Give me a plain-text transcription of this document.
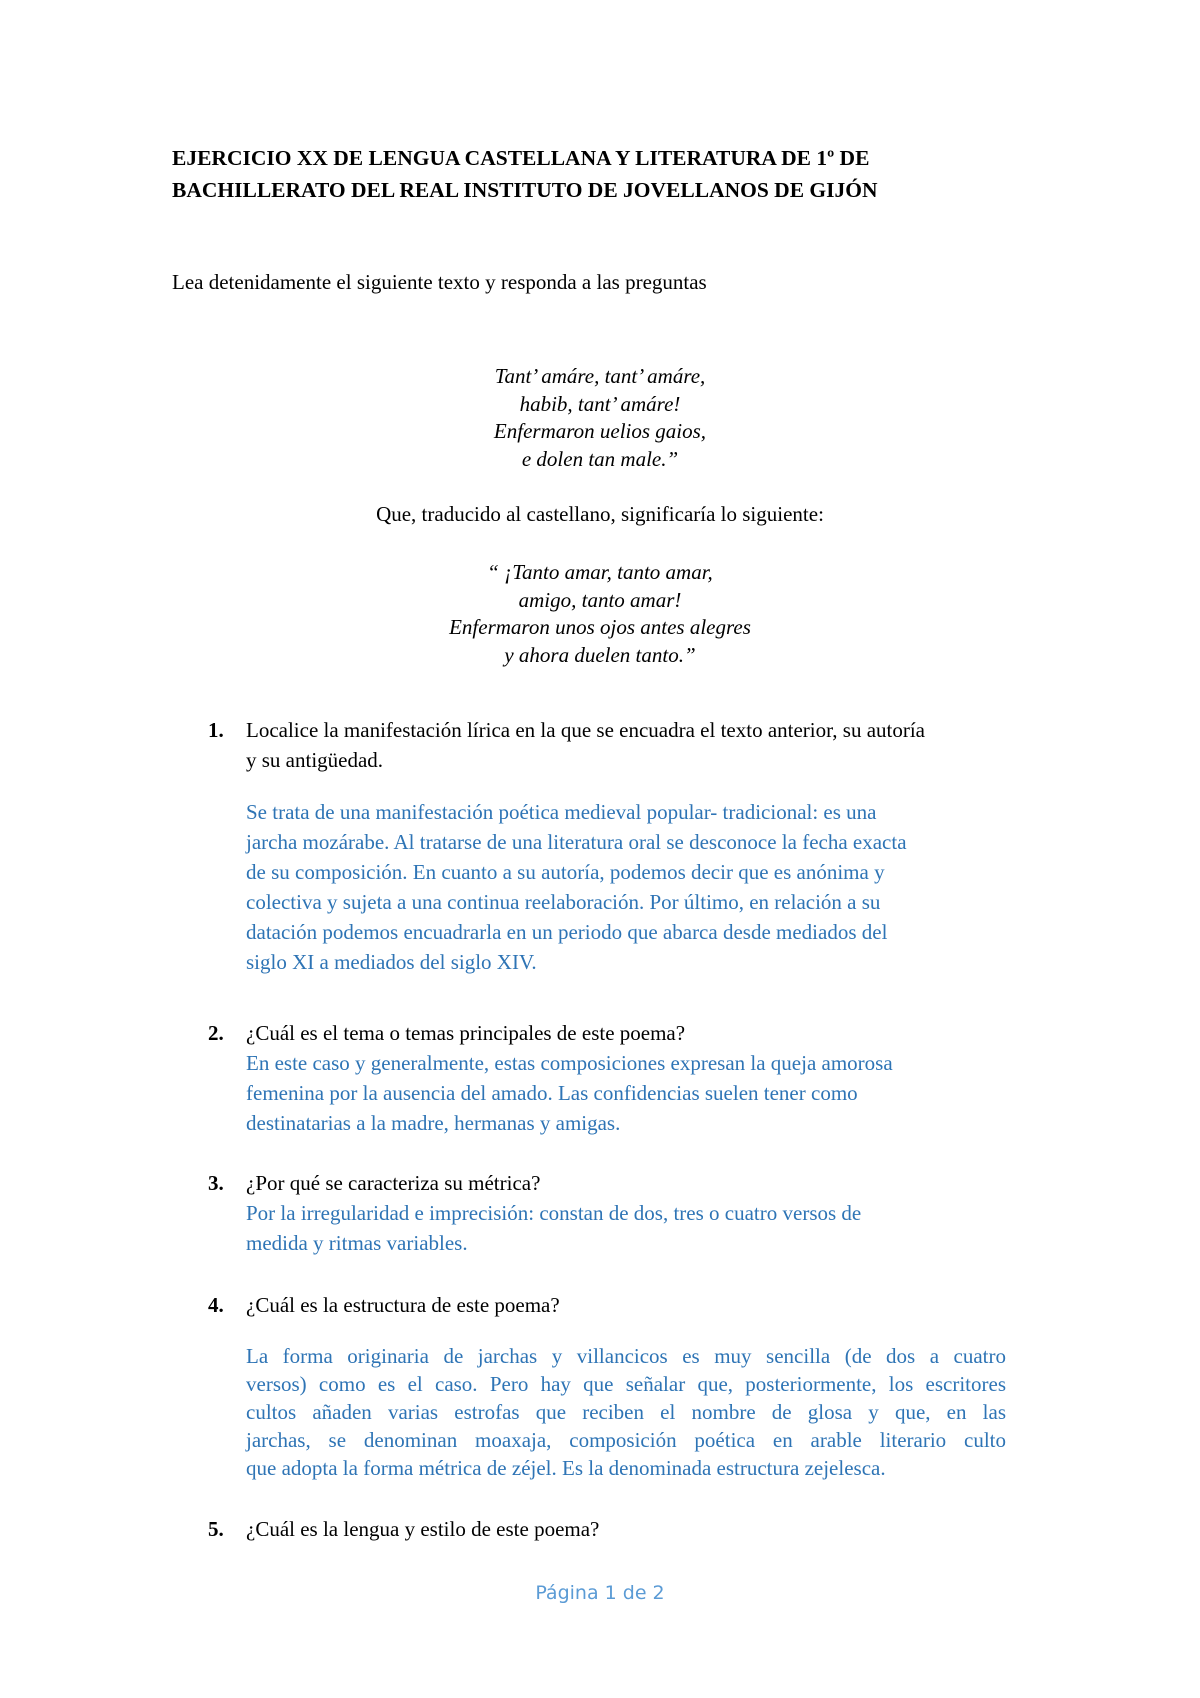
EJERCICIO XX DE LENGUA CASTELLANA Y LITERATURA DE 1º DE
BACHILLERATO DEL REAL INSTITUTO DE JOVELLANOS DE GIJÓN

Lea detenidamente el siguiente texto y responda a las preguntas

Tant’ amáre, tant’ amáre,
habib, tant’ amáre!
Enfermaron uelios gaios,
e dolen tan male.”

Que, traducido al castellano, significaría lo siguiente:

“ ¡Tanto amar, tanto amar,
amigo, tanto amar!
Enfermaron unos ojos antes alegres
y ahora duelen tanto.”
1. Localice la manifestación lírica en la que se encuadra el texto anterior, su autoría
y su antigüedad.
Se trata de una manifestación poética medieval popular- tradicional: es una
jarcha mozárabe. Al tratarse de una literatura oral se desconoce la fecha exacta
de su composición. En cuanto a su autoría, podemos decir que es anónima y
colectiva y sujeta a una continua reelaboración. Por último, en relación a su
datación podemos encuadrarla en un periodo que abarca desde mediados del
siglo XI a mediados del siglo XIV.
2. ¿Cuál es el tema o temas principales de este poema?
En este caso y generalmente, estas composiciones expresan la queja amorosa
femenina por la ausencia del amado. Las confidencias suelen tener como
destinatarias a la madre, hermanas y amigas.
3. ¿Por qué se caracteriza su métrica?
Por la irregularidad e imprecisión: constan de dos, tres o cuatro versos de
medida y ritmas variables.
4. ¿Cuál es la estructura de este poema?
La forma originaria de jarchas y villancicos es muy sencilla (de dos a cuatro
versos) como es el caso. Pero hay que señalar que, posteriormente, los escritores
cultos añaden varias estrofas que reciben el nombre de glosa y que, en las
jarchas, se denominan moaxaja, composición poética en arable literario culto
que adopta la forma métrica de zéjel. Es la denominada estructura zejelesca.
5. ¿Cuál es la lengua y estilo de este poema?
Página 1 de 2
